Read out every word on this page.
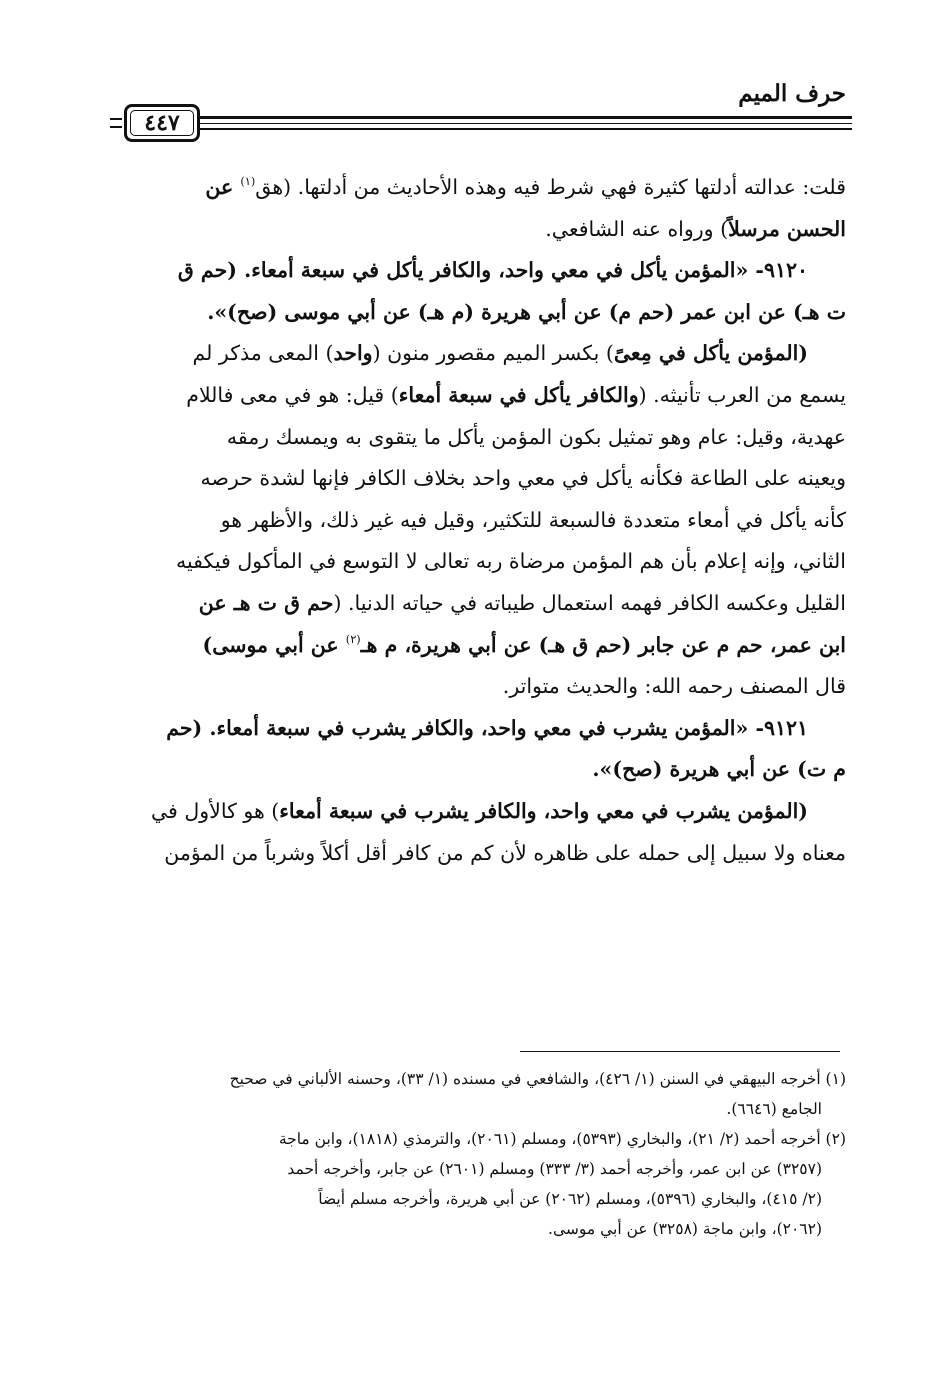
حرف الميم
٤٤٧

قلت: عدالته أدلتها كثيرة فهي شرط فيه وهذه الأحاديث من أدلتها. (هق$^{(١)}$ عن
الحسن مرسلاً) ورواه عنه الشافعي.

٩١٢٠- «المؤمن يأكل في معي واحد، والكافر يأكل في سبعة أمعاء. (حم ق
ت هـ) عن ابن عمر (حم م) عن أبي هريرة (م هـ) عن أبي موسى (صح)».

(المؤمن يأكل في مِعىً) بكسر الميم مقصور منون (واحد) المعى مذكر لم
يسمع من العرب تأنيثه. (والكافر يأكل في سبعة أمعاء) قيل: هو في معى فاللام
عهدية، وقيل: عام وهو تمثيل بكون المؤمن يأكل ما يتقوى به ويمسك رمقه
ويعينه على الطاعة فكأنه يأكل في معي واحد بخلاف الكافر فإنها لشدة حرصه
كأنه يأكل في أمعاء متعددة فالسبعة للتكثير، وقيل فيه غير ذلك، والأظهر هو
الثاني، وإنه إعلام بأن هم المؤمن مرضاة ربه تعالى لا التوسع في المأكول فيكفيه
القليل وعكسه الكافر فهمه استعمال طيباته في حياته الدنيا. (حم ق ت هـ عن
ابن عمر، حم م عن جابر (حم ق هـ) عن أبي هريرة، م هـ$^{(٢)}$ عن أبي موسى)
قال المصنف رحمه الله: والحديث متواتر.

٩١٢١- «المؤمن يشرب في معي واحد، والكافر يشرب في سبعة أمعاء. (حم
م ت) عن أبي هريرة (صح)».

(المؤمن يشرب في معي واحد، والكافر يشرب في سبعة أمعاء) هو كالأول في
معناه ولا سبيل إلى حمله على ظاهره لأن كم من كافر أقل أكلاً وشرباً من المؤمن

(١) أخرجه البيهقي في السنن (١/ ٤٢٦)، والشافعي في مسنده (١/ ٣٣)، وحسنه الألباني في صحيح

الجامع (٦٦٤٦).

(٢) أخرجه أحمد (٢/ ٢١)، والبخاري (٥٣٩٣)، ومسلم (٢٠٦١)، والترمذي (١٨١٨)، وابن ماجة

(٣٢٥٧) عن ابن عمر، وأخرجه أحمد (٣/ ٣٣٣) ومسلم (٢٦٠١) عن جابر، وأخرجه أحمد
(٢/ ٤١٥)، والبخاري (٥٣٩٦)، ومسلم (٢٠٦٢) عن أبي هريرة، وأخرجه مسلم أيضاً
(٢٠٦٢)، وابن ماجة (٣٢٥٨) عن أبي موسى.
